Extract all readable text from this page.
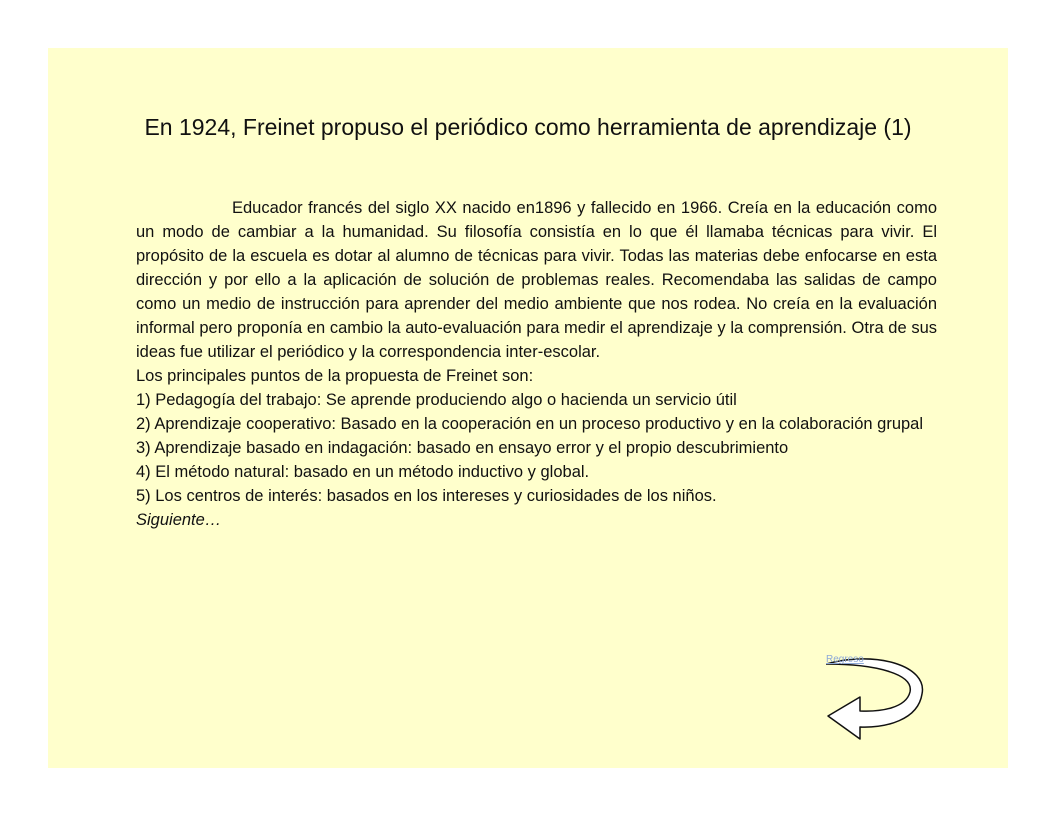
En 1924, Freinet propuso el periódico como herramienta de aprendizaje (1)

Educador francés del siglo XX nacido en1896 y fallecido en 1966. Creía en la educación como un modo de cambiar a la humanidad. Su filosofía consistía en lo que él llamaba técnicas para vivir. El propósito de la escuela es dotar al alumno de técnicas para vivir. Todas las materias debe enfocarse en esta dirección y por ello a la aplicación de solución de problemas reales. Recomendaba las salidas de campo como un medio de instrucción para aprender del medio ambiente que nos rodea. No creía en la evaluación informal pero proponía en cambio la auto-evaluación para medir el aprendizaje y la comprensión. Otra de sus ideas fue utilizar el periódico y la correspondencia inter-escolar.

Los principales puntos de la propuesta de Freinet son:

1) Pedagogía del trabajo: Se aprende produciendo algo o hacienda un servicio útil
2) Aprendizaje cooperativo: Basado en la cooperación en un proceso productivo y en la colaboración grupal
3) Aprendizaje basado en indagación: basado en ensayo error y el propio descubrimiento
4) El método natural: basado en un método inductivo y global.
5) Los centros de interés: basados en los intereses y curiosidades de los niños.

Siguiente…

Regreso
